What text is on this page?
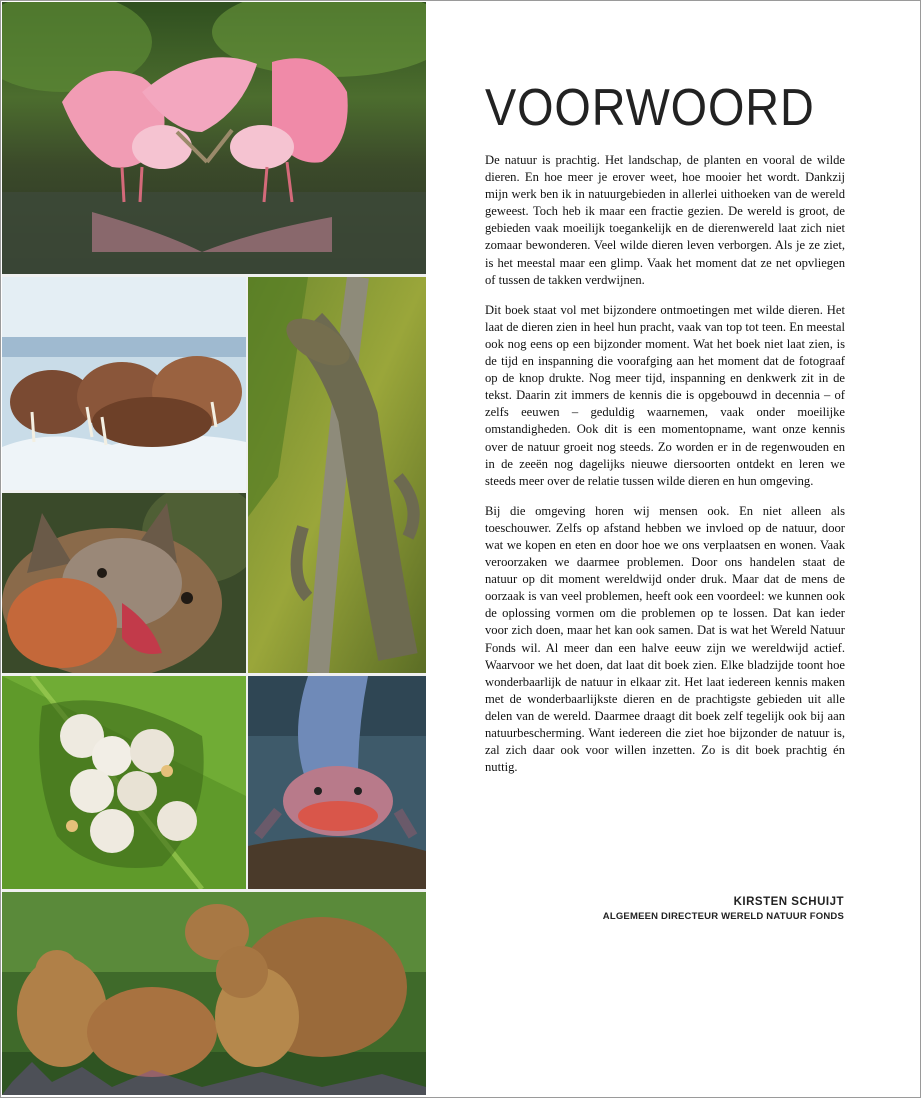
VOORWOORD

De natuur is prachtig. Het landschap, de planten en vooral de wilde dieren. En hoe meer je erover weet, hoe mooier het wordt. Dankzij mijn werk ben ik in natuurgebieden in allerlei uithoeken van de wereld geweest. Toch heb ik maar een fractie gezien. De wereld is groot, de gebieden vaak moeilijk toegankelijk en de dierenwereld laat zich niet zomaar bewonderen. Veel wilde dieren leven verborgen. Als je ze ziet, is het meestal maar een glimp. Vaak het moment dat ze net opvliegen of tussen de takken verdwijnen.

Dit boek staat vol met bijzondere ontmoetingen met wilde dieren. Het laat de dieren zien in heel hun pracht, vaak van top tot teen. En meestal ook nog eens op een bijzonder moment. Wat het boek niet laat zien, is de tijd en inspanning die voorafging aan het moment dat de fotograaf op de knop drukte. Nog meer tijd, inspanning en denkwerk zit in de tekst. Daarin zit immers de kennis die is opgebouwd in decennia – of zelfs eeuwen – geduldig waarnemen, vaak onder moeilijke omstandigheden. Ook dit is een momentopname, want onze kennis over de natuur groeit nog steeds. Zo worden er in de regenwouden en in de zeeën nog dagelijks nieuwe diersoorten ontdekt en leren we steeds meer over de relatie tussen wilde dieren en hun omgeving.

Bij die omgeving horen wij mensen ook. En niet alleen als toeschouwer. Zelfs op afstand hebben we invloed op de natuur, door wat we kopen en eten en door hoe we ons verplaatsen en wonen. Vaak veroorzaken we daarmee problemen. Door ons handelen staat de natuur op dit moment wereldwijd onder druk. Maar dat de mens de oorzaak is van veel problemen, heeft ook een voordeel: we kunnen ook de oplossing vormen om die problemen op te lossen. Dat kan ieder voor zich doen, maar het kan ook samen. Dat is wat het Wereld Natuur Fonds wil. Al meer dan een halve eeuw zijn we wereldwijd actief. Waarvoor we het doen, dat laat dit boek zien. Elke bladzijde toont hoe wonderbaarlijk de natuur in elkaar zit. Het laat iedereen kennis maken met de wonderbaarlijkste dieren en de prachtigste gebieden uit alle delen van de wereld. Daarmee draagt dit boek zelf tegelijk ook bij aan natuurbescherming. Want iedereen die ziet hoe bijzonder de natuur is, zal zich daar ook voor willen inzetten. Zo is dit boek prachtig én nuttig.

KIRSTEN SCHUIJT
ALGEMEEN DIRECTEUR WERELD NATUUR FONDS
